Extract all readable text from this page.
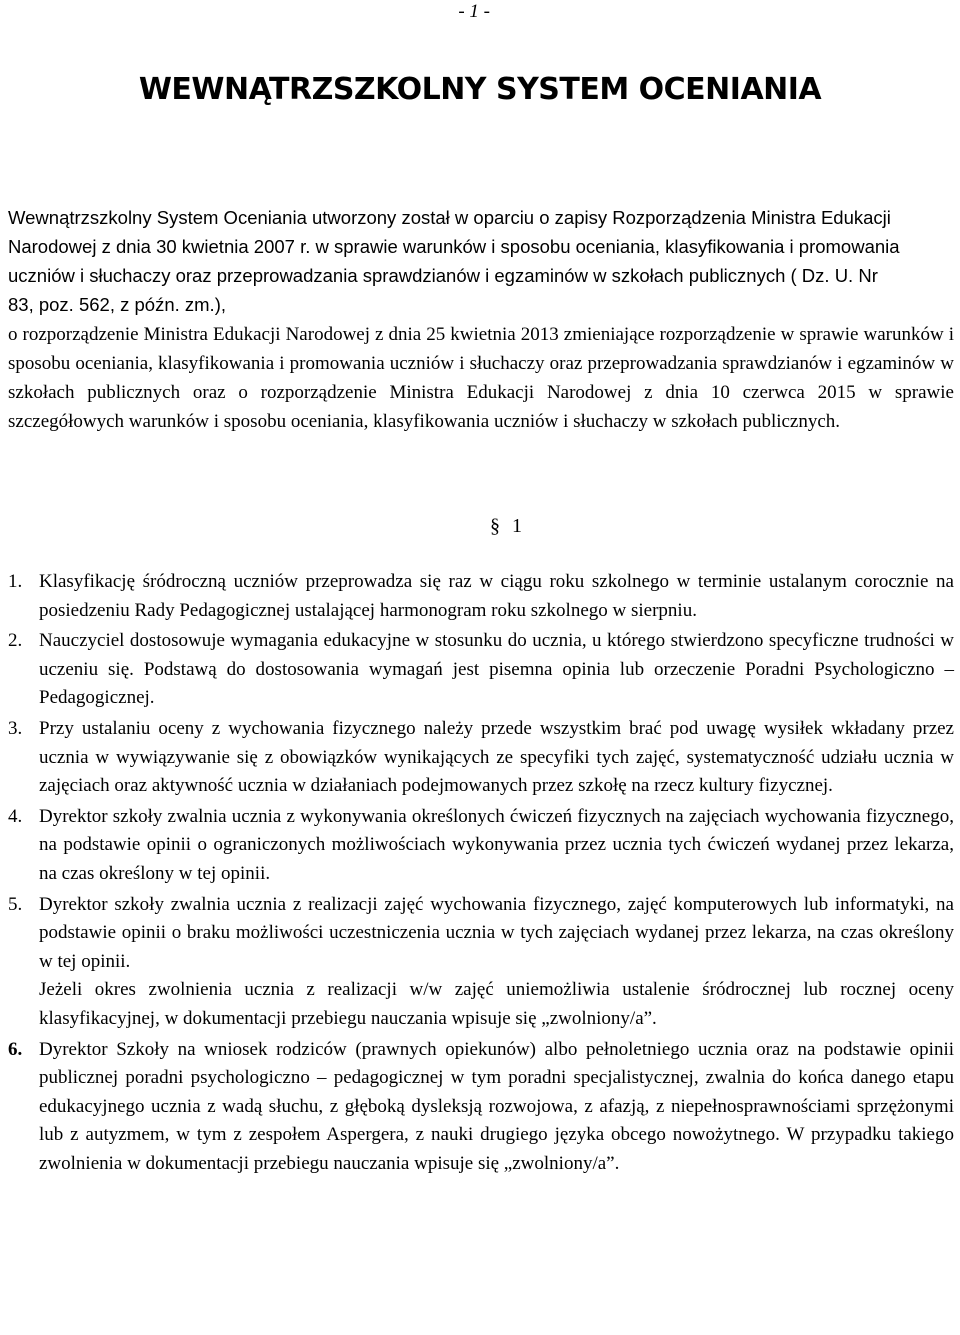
- 1 -
WEWNĄTRZSZKOLNY SYSTEM OCENIANIA

Wewnątrzszkolny System Oceniania utworzony został w oparciu o zapisy Rozporządzenia Ministra Edukacji Narodowej z dnia 30 kwietnia 2007 r. w sprawie warunków i sposobu oceniania, klasyfikowania i promowania uczniów i słuchaczy oraz przeprowadzania sprawdzianów i egzaminów w szkołach publicznych ( Dz. U. Nr 83, poz. 562, z późn. zm.),

o rozporządzenie Ministra Edukacji Narodowej z dnia 25 kwietnia 2013 zmieniające rozporządzenie w sprawie warunków i sposobu oceniania, klasyfikowania i promowania uczniów i słuchaczy oraz przeprowadzania sprawdzianów i egzaminów w szkołach publicznych oraz o rozporządzenie Ministra Edukacji Narodowej z dnia 10 czerwca 2015 w sprawie szczegółowych warunków i sposobu oceniania, klasyfikowania uczniów i słuchaczy w szkołach publicznych.

§ 1
1. Klasyfikację śródroczną uczniów przeprowadza się raz w ciągu roku szkolnego w terminie ustalanym corocznie na posiedzeniu Rady Pedagogicznej ustalającej harmonogram roku szkolnego w sierpniu.
2. Nauczyciel dostosowuje wymagania edukacyjne w stosunku do ucznia, u którego stwierdzono specyficzne trudności w uczeniu się. Podstawą do dostosowania wymagań jest pisemna opinia lub orzeczenie Poradni Psychologiczno – Pedagogicznej.
3. Przy ustalaniu oceny z wychowania fizycznego należy przede wszystkim brać pod uwagę wysiłek wkładany przez ucznia w wywiązywanie się z obowiązków wynikających ze specyfiki tych zajęć, systematyczność udziału ucznia w zajęciach oraz aktywność ucznia w działaniach podejmowanych przez szkołę na rzecz kultury fizycznej.
4. Dyrektor szkoły zwalnia ucznia z wykonywania określonych ćwiczeń fizycznych na zajęciach wychowania fizycznego, na podstawie opinii o ograniczonych możliwościach wykonywania przez ucznia tych ćwiczeń wydanej przez lekarza, na czas określony w tej opinii.
5. Dyrektor szkoły zwalnia ucznia z realizacji zajęć wychowania fizycznego, zajęć komputerowych lub informatyki, na podstawie opinii o braku możliwości uczestniczenia ucznia w tych zajęciach wydanej przez lekarza, na czas określony w tej opinii.
Jeżeli okres zwolnienia ucznia z realizacji w/w zajęć uniemożliwia ustalenie śródrocznej lub rocznej oceny klasyfikacyjnej, w dokumentacji przebiegu nauczania wpisuje się „zwolniony/a”.
6. Dyrektor Szkoły na wniosek rodziców (prawnych opiekunów) albo pełnoletniego ucznia oraz na podstawie opinii publicznej poradni psychologiczno – pedagogicznej w tym poradni specjalistycznej, zwalnia do końca danego etapu edukacyjnego ucznia z wadą słuchu, z głęboką dysleksją rozwojowa, z afazją, z niepełnosprawnościami sprzężonymi lub z autyzmem, w tym z zespołem Aspergera, z nauki drugiego języka obcego nowożytnego. W przypadku takiego zwolnienia w dokumentacji przebiegu nauczania wpisuje się „zwolniony/a”.
